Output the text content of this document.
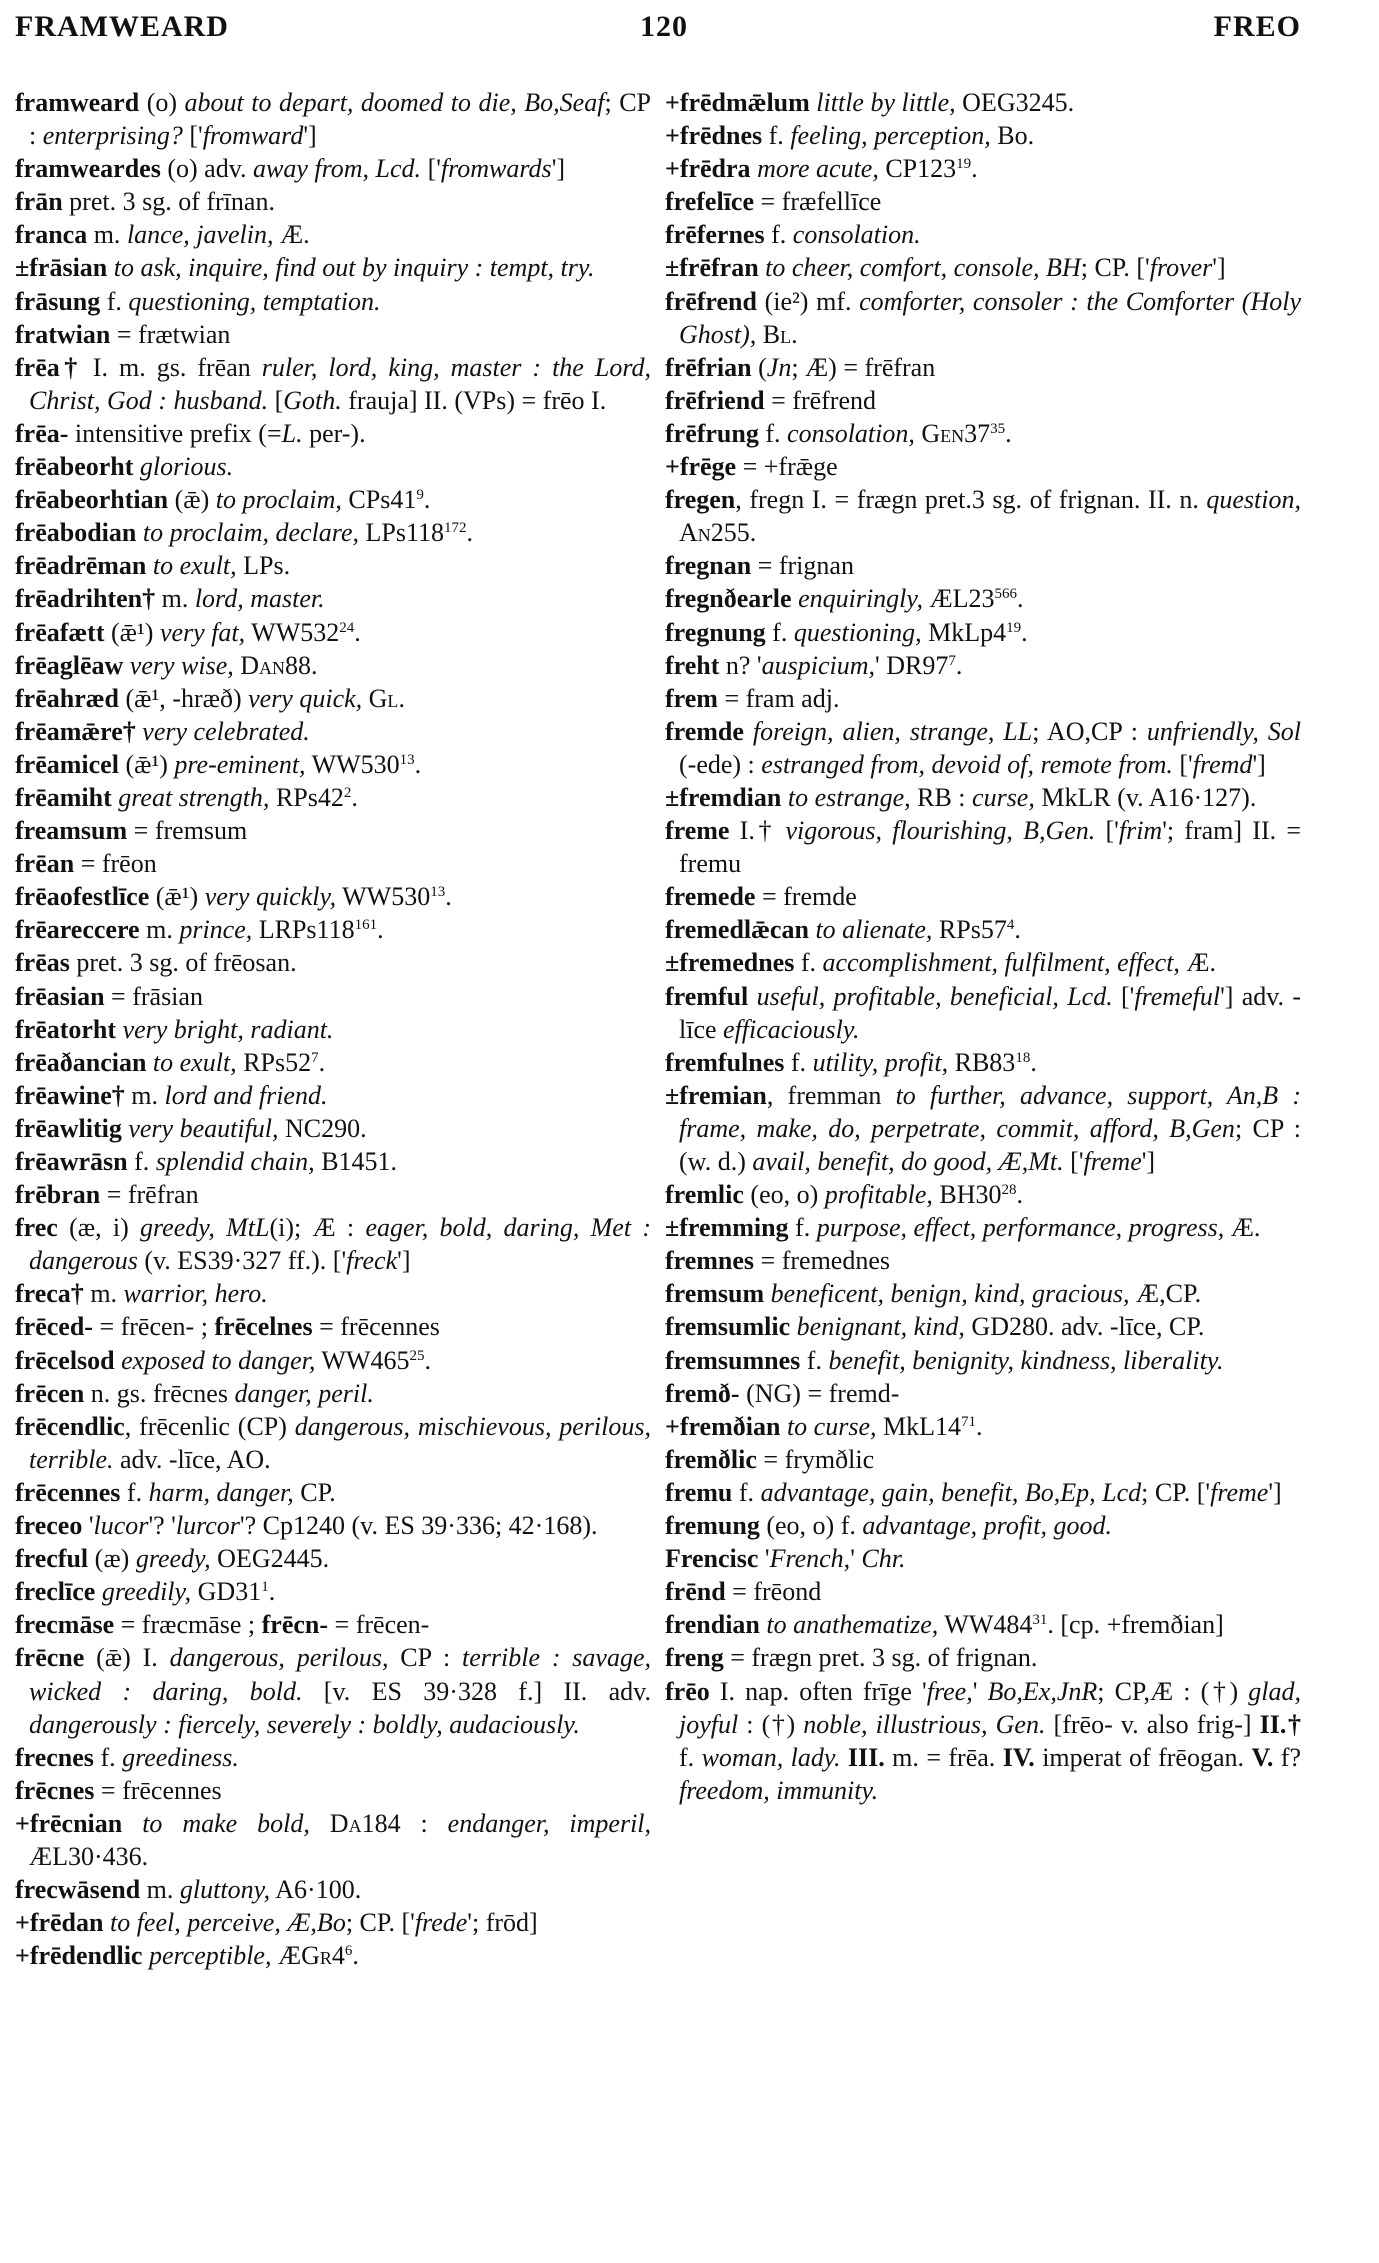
FRAMWEARD	120	FREO
framweard (o) about to depart, doomed to die, Bo,Seaf; CP : enterprising? ['fromward']
framweardes (o) adv. away from, Lcd. ['fromwards']
frān pret. 3 sg. of frīnan.
franca m. lance, javelin, Æ.
±frāsian to ask, inquire, find out by inquiry : tempt, try.
frāsung f. questioning, temptation.
fratwian = frætwian
frēa† I. m. gs. frēan ruler, lord, king, master : the Lord, Christ, God : husband. [Goth. frauja] II. (VPs) = frēo I.
frēa- intensitive prefix (=L. per-).
frēabeorht glorious.
frēabeorhtian (ǣ) to proclaim, $CPs41^9$.
frēabodian to proclaim, declare, $LPs118^{172}$.
frēadrēman to exult, LPs.
frēadrihten† m. lord, master.
frēafætt (ǣ¹) very fat, $WW532^{24}$.
frēaglēaw very wise, Dan88.
frēahræd (ǣ¹, -hræð) very quick, Gl.
frēamǣre† very celebrated.
frēamicel (ǣ¹) pre-eminent, $WW530^{13}$.
frēamiht great strength, $RPs42^2$.
freamsum = fremsum
frēan = frēon
frēaofestlīce (ǣ¹) very quickly, $WW530^{13}$.
frēareccere m. prince, $LRPs118^{161}$.
frēas pret. 3 sg. of frēosan.
frēasian = frāsian
frēatorht very bright, radiant.
frēaðancian to exult, $RPs52^7$.
frēawine† m. lord and friend.
frēawlitig very beautiful, NC290.
frēawrāsn f. splendid chain, B1451.
frēbran = frēfran
frec (æ, i) greedy, MtL(i); Æ : eager, bold, daring, Met : dangerous (v. ES39·327 ff.). ['freck']
freca† m. warrior, hero.
frēced- = frēcen- ; frēcelnes = frēcennes
frēcelsod exposed to danger, $WW465^{25}$.
frēcen n. gs. frēcnes danger, peril.
frēcendlic, frēcenlic (CP) dangerous, mischievous, perilous, terrible. adv. -līce, AO.
frēcennes f. harm, danger, CP.
freceo 'lucor'? 'lurcor'? Cp1240 (v. ES 39·336; 42·168).
frecful (æ) greedy, OEG2445.
freclīce greedily, $GD31^1$.
frecmāse = fræcmāse ; frēcn- = frēcen-
frēcne (ǣ) I. dangerous, perilous, CP : terrible : savage, wicked : daring, bold. [v. ES 39·328 f.] II. adv. dangerously : fiercely, severely : boldly, audaciously.
frecnes f. greediness.
frēcnes = frēcennes
+frēcnian to make bold, Da184 : endanger, imperil, ÆL30·436.
frecwāsend m. gluttony, A6·100.
+frēdan to feel, perceive, Æ,Bo; CP. ['frede'; frōd]
+frēdendlic perceptible, $ÆGr4^6$.
+frēdmǣlum little by little, OEG3245.
+frēdnes f. feeling, perception, Bo.
+frēdra more acute, $CP123^{19}$.
frefelīce = fræfellīce
frēfernes f. consolation.
±frēfran to cheer, comfort, console, BH; CP. ['frover']
frēfrend (ie²) mf. comforter, consoler : the Comforter (Holy Ghost), Bl.
frēfrian (Jn; Æ) = frēfran
frēfriend = frēfrend
frēfrung f. consolation, $Gen37^{35}$.
+frēge = +frǣge
fregen, fregn I. = frægn pret.3 sg. of frignan. II. n. question, An255.
fregnan = frignan
fregnðearle enquiringly, $ÆL23^{566}$.
fregnung f. questioning, $MkLp4^{19}$.
freht n? 'auspicium,' $DR97^7$.
frem = fram adj.
fremde foreign, alien, strange, LL; AO,CP : unfriendly, Sol (-ede) : estranged from, devoid of, remote from. ['fremd']
±fremdian to estrange, RB : curse, MkLR (v. A16·127).
freme I.† vigorous, flourishing, B,Gen. ['frim'; fram] II. = fremu
fremede = fremde
fremedlǣcan to alienate, $RPs57^4$.
±fremednes f. accomplishment, fulfilment, effect, Æ.
fremful useful, profitable, beneficial, Lcd. ['fremeful'] adv. -līce efficaciously.
fremfulnes f. utility, profit, $RB83^{18}$.
±fremian, fremman to further, advance, support, An,B : frame, make, do, perpetrate, commit, afford, B,Gen; CP : (w. d.) avail, benefit, do good, Æ,Mt. ['freme']
fremlic (eo, o) profitable, $BH30^{28}$.
±fremming f. purpose, effect, performance, progress, Æ.
fremnes = fremednes
fremsum beneficent, benign, kind, gracious, Æ,CP.
fremsumlic benignant, kind, GD280. adv. -līce, CP.
fremsumnes f. benefit, benignity, kindness, liberality.
fremð- (NG) = fremd-
+fremðian to curse, $MkL14^{71}$.
fremðlic = frymðlic
fremu f. advantage, gain, benefit, Bo,Ep, Lcd; CP. ['freme']
fremung (eo, o) f. advantage, profit, good.
Frencisc 'French,' Chr.
frēnd = frēond
frendian to anathematize, $WW484^{31}$. [cp. +fremðian]
freng = frægn pret. 3 sg. of frignan.
frēo I. nap. often frīge 'free,' Bo,Ex,JnR; CP,Æ : (†) glad, joyful : (†) noble, illustrious, Gen. [frēo- v. also frig-] II.† f. woman, lady. III. m. = frēa. IV. imperat of frēogan. V. f? freedom, immunity.
